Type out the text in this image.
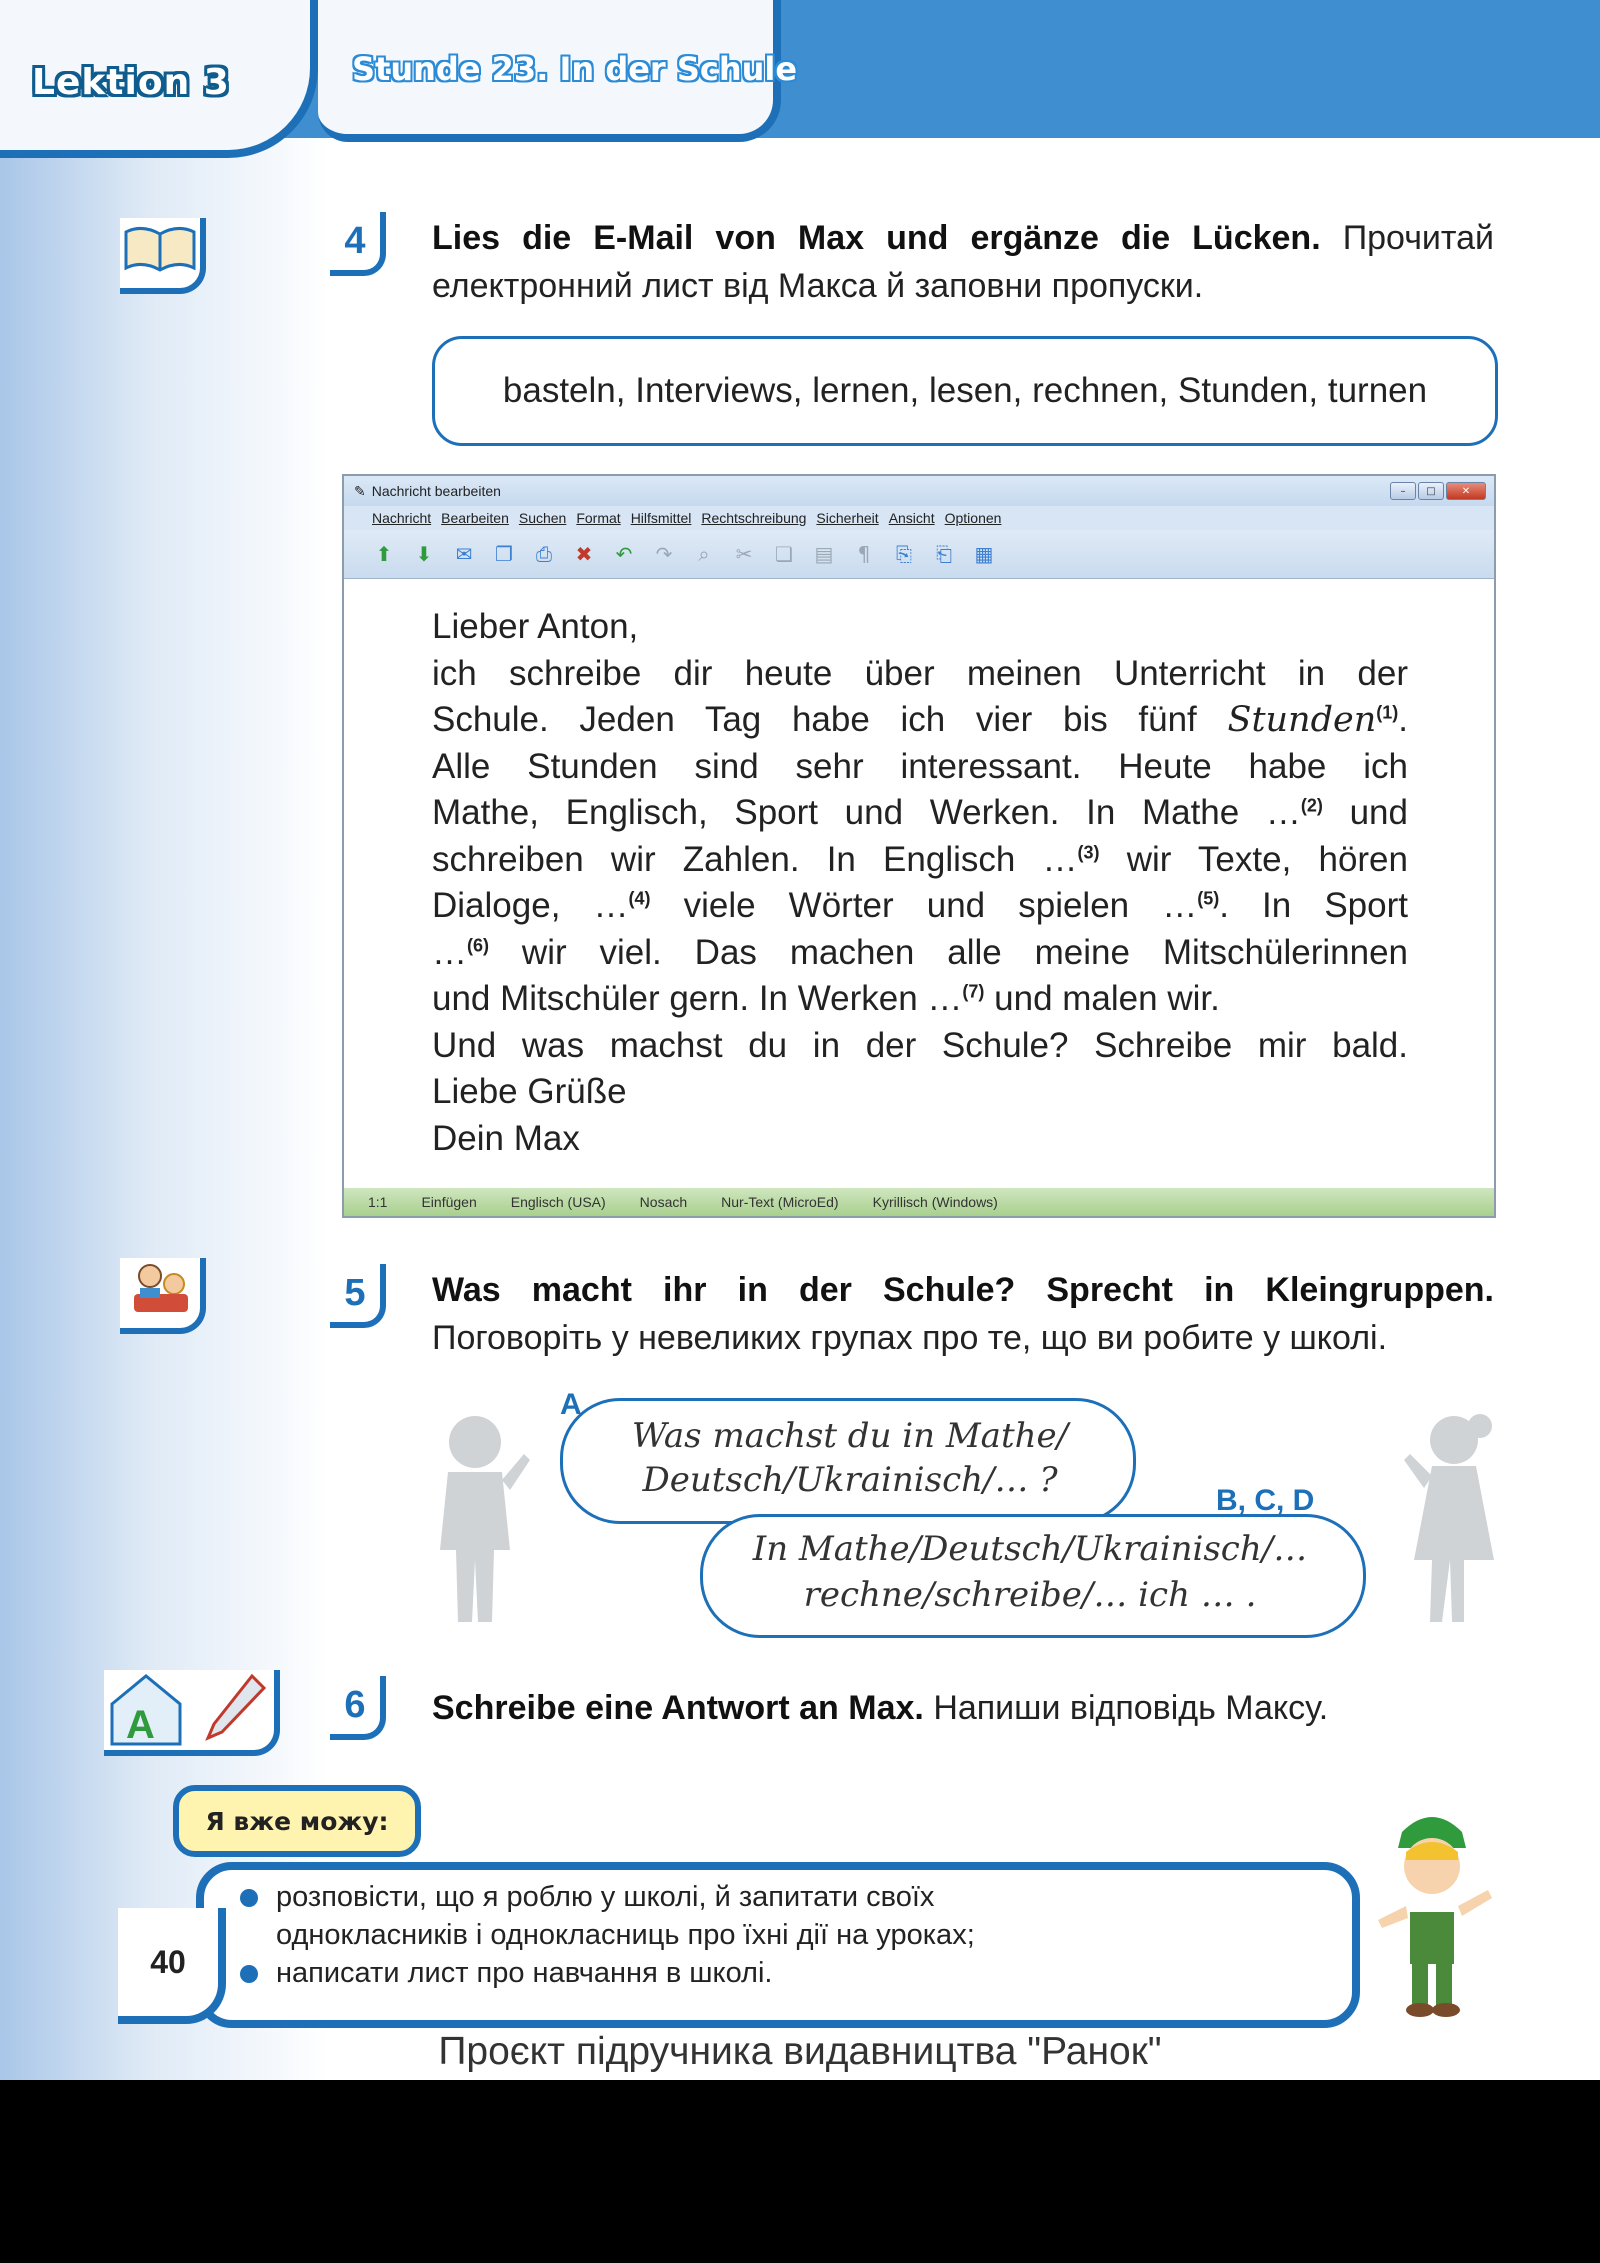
Lektion 3	Stunde 23. In der Schule
4	Lies die E-Mail von Max und ergänze die Lücken. Прочитай електронний лист від Макса й заповни пропуски.
basteln, Interviews, lernen, lesen, rechnen, Stunden, turnen
✎ Nachricht bearbeiten	–	□	✕
Nachricht Bearbeiten Suchen Format Hilfsmittel Rechtschreibung Sicherheit Ansicht Optionen
⬆	⬇	✉	❐	⎙	✖	↶	↷	⌕	✂	❏	▤	¶	⎘	⎗	▦
Lieber Anton,
ich schreibe dir heute über meinen Unterricht in der
Schule. Jeden Tag habe ich vier bis fünf Stunden$^{(1)}$.
Alle Stunden sind sehr interessant. Heute habe ich
Mathe, Englisch, Sport und Werken. In Mathe …$^{(2)}$ und
schreiben wir Zahlen. In Englisch …$^{(3)}$ wir Texte, hören
Dialoge, …$^{(4)}$ viele Wörter und spielen …$^{(5)}$. In Sport
…$^{(6)}$ wir viel. Das machen alle meine Mitschülerinnen
und Mitschüler gern. In Werken …$^{(7)}$ und malen wir.
Und was machst du in der Schule? Schreibe mir bald.
Liebe Grüße
Dein Max
1:1 Einfügen Englisch (USA) Nosach Nur-Text (MicroEd) Kyrillisch (Windows)
5	Was macht ihr in der Schule? Sprecht in Kleingruppen. Поговоріть у невеликих групах про те, що ви робите у школі.
A
Was machst du in Mathe/
Deutsch/Ukrainisch/… ?
B, C, D
In Mathe/Deutsch/Ukrainisch/…
rechne/schreibe/… ich … .
A	6	Schreibe eine Antwort an Max. Напиши відповідь Максу.
Я вже можу:
розповісти, що я роблю у школі, й запитати своїх
однокласників і однокласниць про їхні дії на уроках;
написати лист про навчання в школі.
40
Проєкт підручника видавництва "Ранок"
